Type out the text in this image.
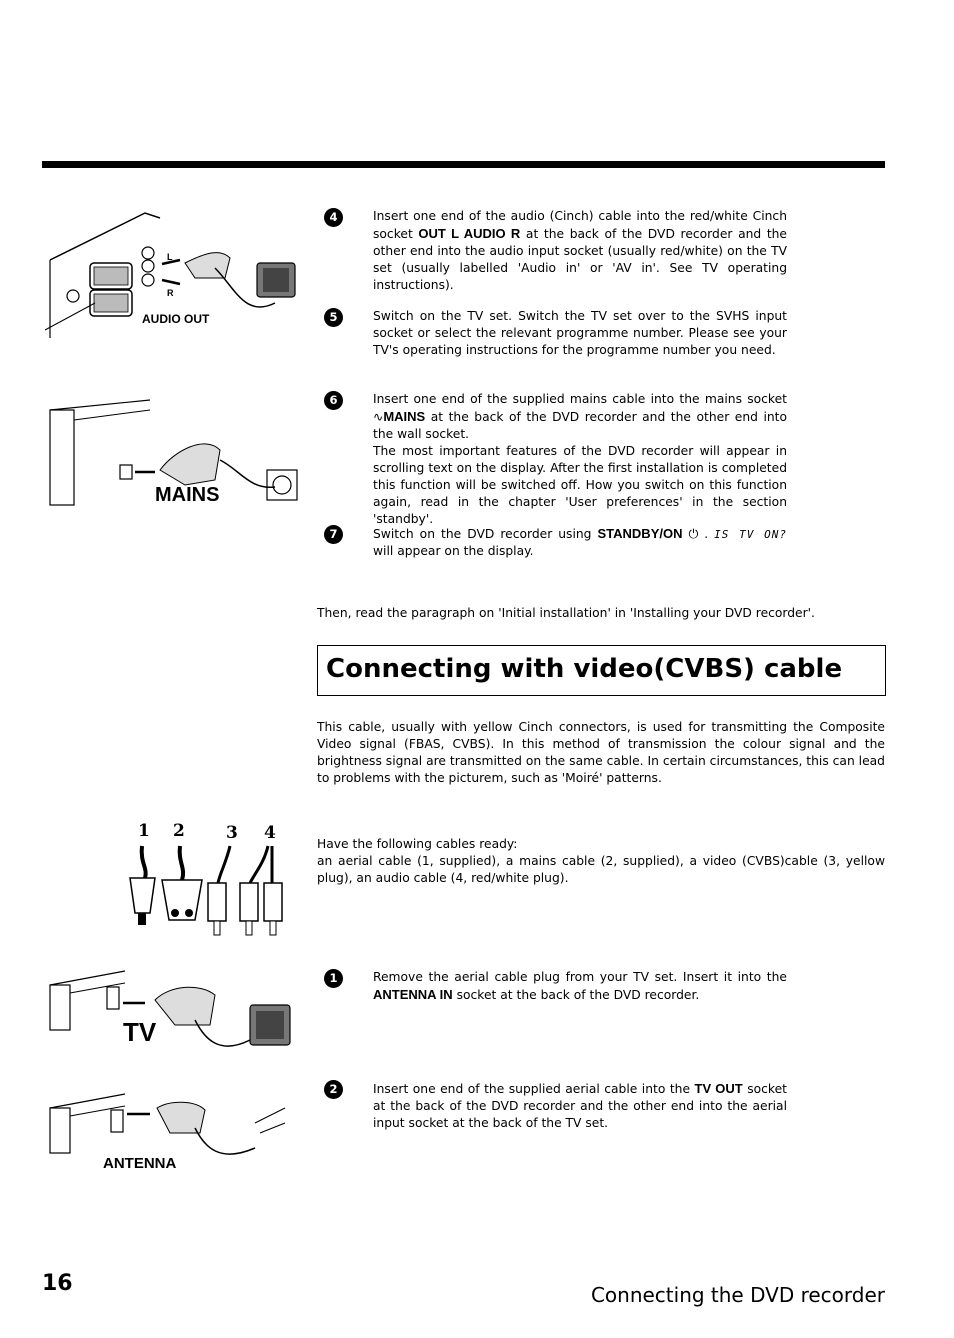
AUDIO OUT
L
R
MAINS
4	Insert one end of the audio (Cinch) cable into the red/white Cinch socket OUT L AUDIO R at the back of the DVD recorder and the other end into the audio input socket (usually red/white) on the TV set (usually labelled 'Audio in' or 'AV in'. See TV operating instructions).
5	Switch on the TV set. Switch the TV set over to the SVHS input socket or select the relevant programme number. Please see your TV's operating instructions for the programme number you need.
6	Insert one end of the supplied mains cable into the mains socket ∿MAINS at the back of the DVD recorder and the other end into the wall socket.
The most important features of the DVD recorder will appear in scrolling text on the display. After the first installation is completed this function will be switched off. How you switch on this function again, read in the chapter 'User preferences' in the section 'standby'.
7	Switch on the DVD recorder using STANDBY/ON ⏻ . IS TV ON? will appear on the display.
Then, read the paragraph on 'Initial installation' in 'Installing your DVD recorder'.
Connecting with video(CVBS) cable
This cable, usually with yellow Cinch connectors, is used for transmitting the Composite Video signal (FBAS, CVBS). In this method of transmission the colour signal and the brightness signal are transmitted on the same cable. In certain circumstances, this can lead to problems with the picturem, such as 'Moiré' patterns.
1 2 3 4
Have the following cables ready:
an aerial cable (1, supplied), a mains cable (2, supplied), a video (CVBS)cable (3, yellow plug), an audio cable (4, red/white plug).
TV
1	Remove the aerial cable plug from your TV set. Insert it into the ANTENNA IN socket at the back of the DVD recorder.
ANTENNA
2	Insert one end of the supplied aerial cable into the TV OUT socket at the back of the DVD recorder and the other end into the aerial input socket at the back of the TV set.
16	Connecting the DVD recorder
